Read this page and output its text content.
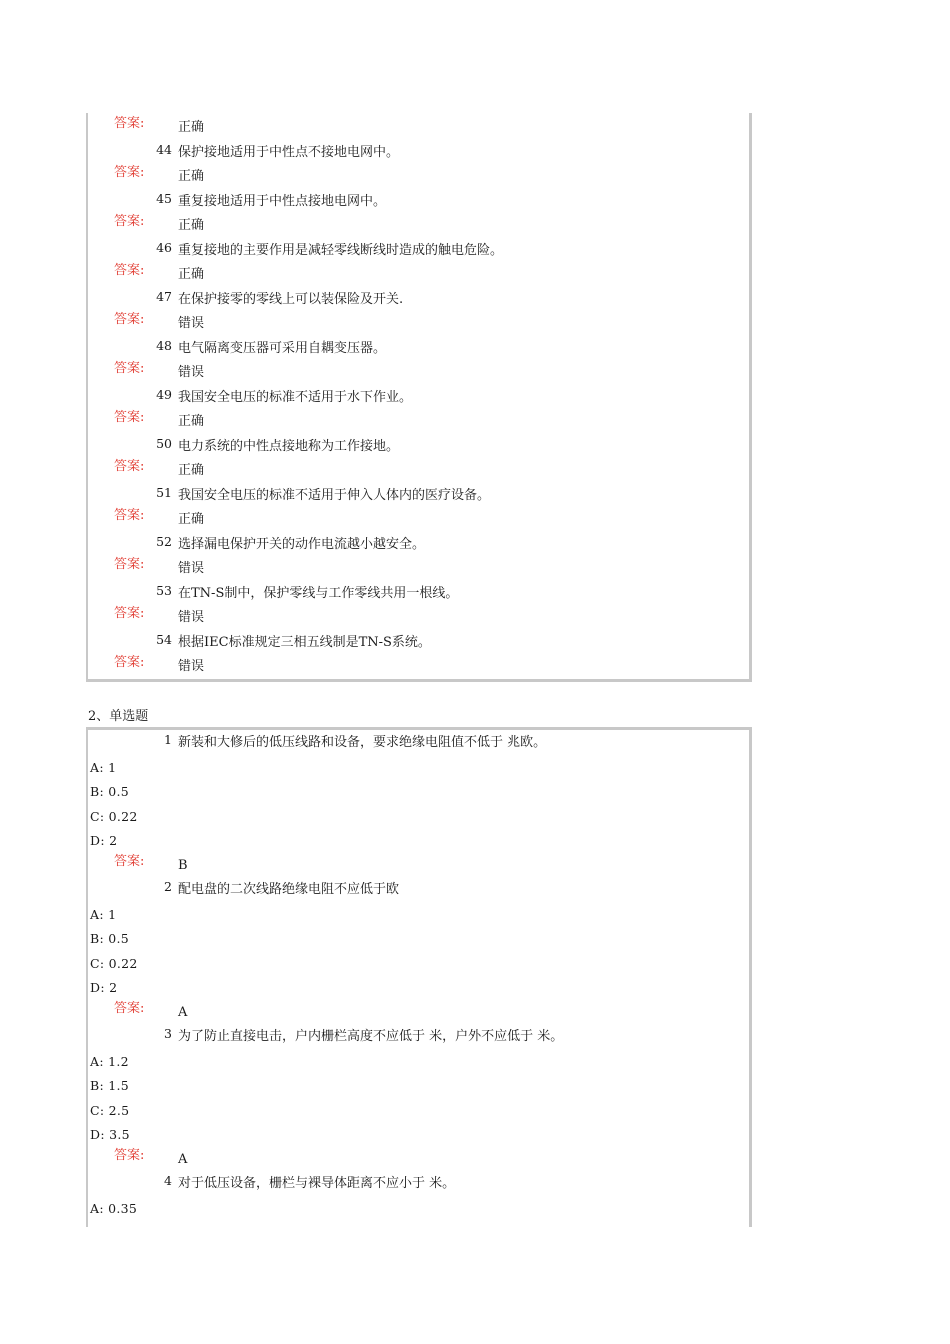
答案:	正确
44 保护接地适用于中性点不接地电网中。
答案:	正确
45 重复接地适用于中性点接地电网中。
答案:	正确
46 重复接地的主要作用是减轻零线断线时造成的触电危险。
答案:	正确
47 在保护接零的零线上可以装保险及开关.
答案:	错误
48 电气隔离变压器可采用自耦变压器。
答案:	错误
49 我国安全电压的标准不适用于水下作业。
答案:	正确
50 电力系统的中性点接地称为工作接地。
答案:	正确
51 我国安全电压的标准不适用于伸入人体内的医疗设备。
答案:	正确
52 选择漏电保护开关的动作电流越小越安全。
答案:	错误
53 在TN-S制中，保护零线与工作零线共用一根线。
答案:	错误
54 根据IEC标准规定三相五线制是TN-S系统。
答案:	错误
2、单选题
1 新装和大修后的低压线路和设备，要求绝缘电阻值不低于 兆欧。
A: 1
B: 0.5
C: 0.22
D: 2
答案:	B
2 配电盘的二次线路绝缘电阻不应低于欧
A: 1
B: 0.5
C: 0.22
D: 2
答案:	A
3 为了防止直接电击，户内栅栏高度不应低于 米，户外不应低于 米。
A: 1.2
B: 1.5
C: 2.5
D: 3.5
答案:	A
4 对于低压设备，栅栏与裸导体距离不应小于 米。
A: 0.35
